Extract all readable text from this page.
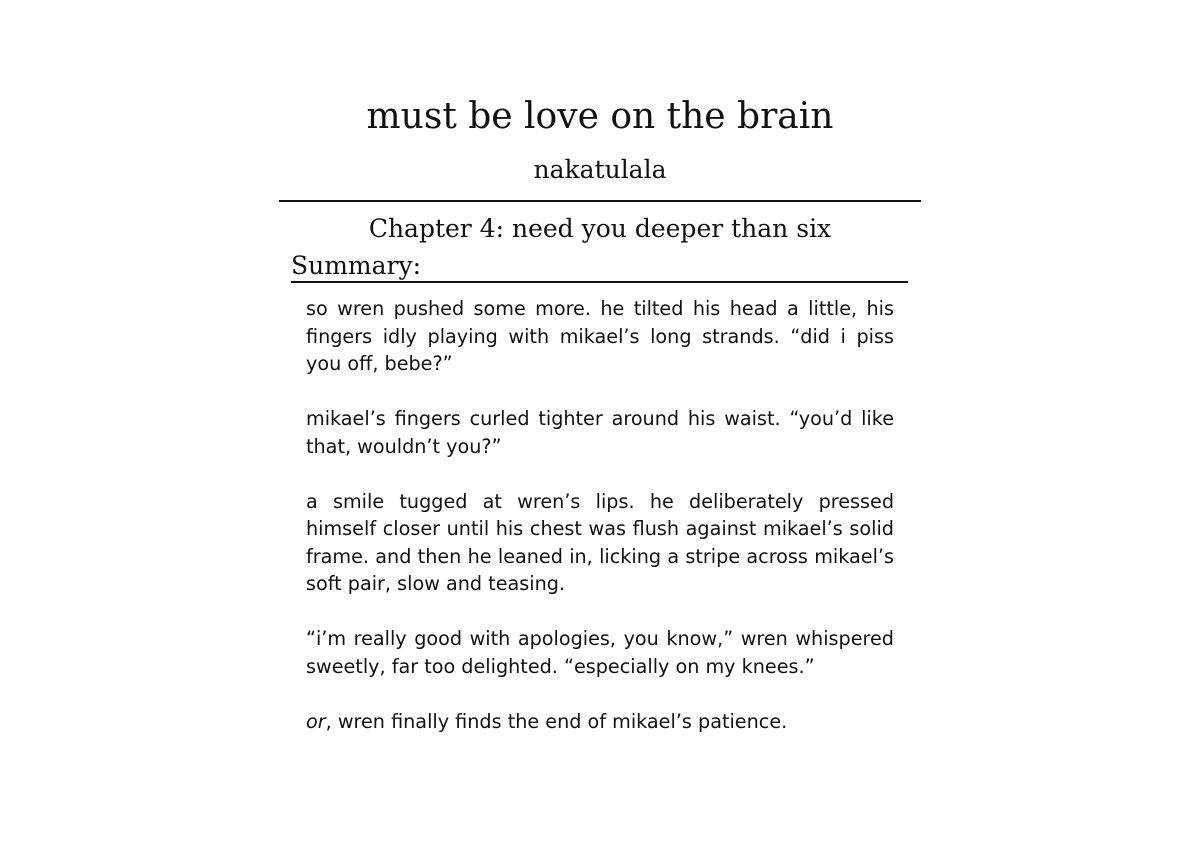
must be love on the brain
nakatulala
Chapter 4: need you deeper than six
Summary:

so wren pushed some more. he tilted his head a little, his fingers idly playing with mikael’s long strands. “did i piss you off, bebe?”

mikael’s fingers curled tighter around his waist. “you’d like that, wouldn’t you?”

a smile tugged at wren’s lips. he deliberately pressed himself closer until his chest was flush against mikael’s solid frame. and then he leaned in, licking a stripe across mikael’s soft pair, slow and teasing.

“i’m really good with apologies, you know,” wren whispered sweetly, far too delighted. “especially on my knees.”

or, wren finally finds the end of mikael’s patience.
